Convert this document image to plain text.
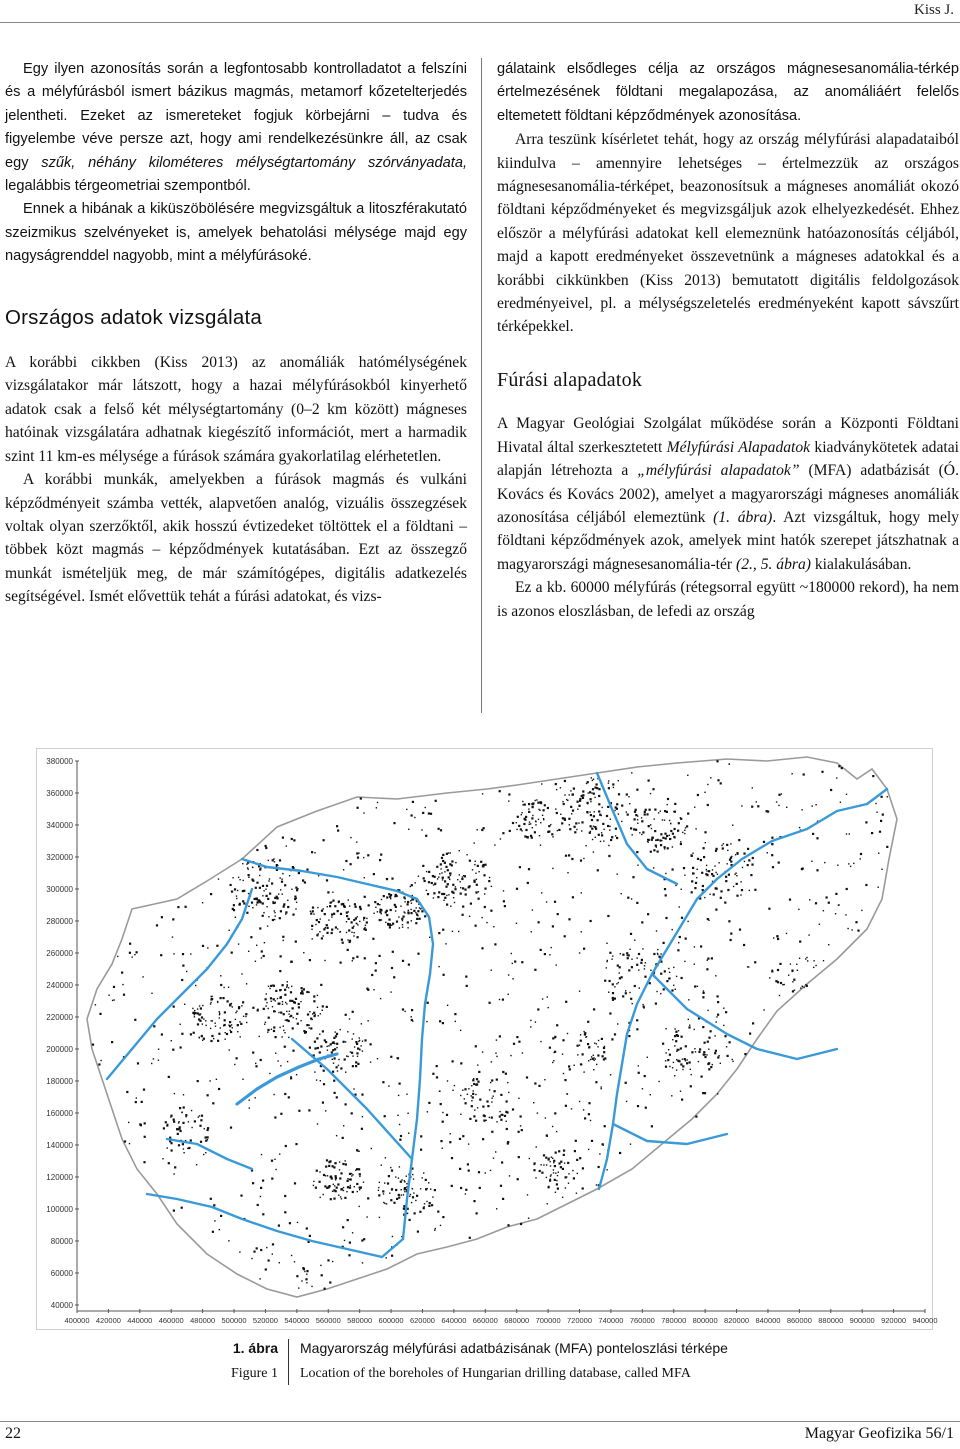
Kiss J.

Egy ilyen azonosítás során a legfontosabb kontrolladatot a felszíni és a mélyfúrásból ismert bázikus magmás, metamorf kőzetelterjedés jelentheti. Ezeket az ismereteket fogjuk körbejárni – tudva és figyelembe véve persze azt, hogy ami rendelkezésünkre áll, az csak egy szűk, néhány kilométeres mélységtartomány szórványadata, legalábbis térgeometriai szempontból.

Ennek a hibának a kiküszöbölésére megvizsgáltuk a litoszférakutató szeizmikus szelvényeket is, amelyek behatolási mélysége majd egy nagyságrenddel nagyobb, mint a mélyfúrásoké.

Országos adatok vizsgálata

A korábbi cikkben (Kiss 2013) az anomáliák hatómélységének vizsgálatakor már látszott, hogy a hazai mélyfúrásokból kinyerhető adatok csak a felső két mélységtartomány (0–2 km között) mágneses hatóinak vizsgálatára adhatnak kiegészítő információt, mert a harmadik szint 11 km-es mélysége a fúrások számára gyakorlatilag elérhetetlen.

A korábbi munkák, amelyekben a fúrások magmás és vulkáni képződményeit számba vették, alapvetően analóg, vizuális összegzések voltak olyan szerzőktől, akik hosszú évtizedeket töltöttek el a földtani – többek közt magmás – képződmények kutatásában. Ezt az összegző munkát ismételjük meg, de már számítógépes, digitális adatkezelés segítségével. Ismét elővettük tehát a fúrási adatokat, és vizs-

gálataink elsődleges célja az országos mágnesesanomália-térkép értelmezésének földtani megalapozása, az anomáliáért felelős eltemetett földtani képződmények azonosítása.

Arra teszünk kísérletet tehát, hogy az ország mélyfúrási alapadataiból kiindulva – amennyire lehetséges – értelmezzük az országos mágnesesanomália-térképet, beazonosítsuk a mágneses anomáliát okozó földtani képződményeket és megvizsgáljuk azok elhelyezkedését. Ehhez először a mélyfúrási adatokat kell elemeznünk hatóazonosítás céljából, majd a kapott eredményeket összevetnünk a mágneses adatokkal és a korábbi cikkünkben (Kiss 2013) bemutatott digitális feldolgozások eredményeivel, pl. a mélységszeletelés eredményeként kapott sávszűrt térképekkel.

Fúrási alapadatok

A Magyar Geológiai Szolgálat működése során a Központi Földtani Hivatal által szerkesztetett Mélyfúrási Alapadatok kiadványkötetek adatai alapján létrehozta a „mélyfúrási alapadatok” (MFA) adatbázisát (Ó. Kovács és Kovács 2002), amelyet a magyarországi mágneses anomáliák azonosítása céljából elemeztünk (1. ábra). Azt vizsgáltuk, hogy mely földtani képződmények azok, amelyek mint hatók szerepet játszhatnak a magyarországi mágnesesanomália-tér (2., 5. ábra) kialakulásában.

Ez a kb. 60000 mélyfúrás (rétegsorral együtt ~180000 rekord), ha nem is azonos eloszlásban, de lefedi az ország

380000
360000
340000
320000
300000
280000
260000
240000
220000
200000
180000
160000
140000
120000
100000
80000
60000
40000
400000 420000 440000 460000 480000 500000 520000 540000 560000 580000 600000 620000 640000 660000 680000 700000 720000 740000 760000 780000 800000 820000 840000 860000 880000 900000 920000 940000
1. ábra	Magyarország mélyfúrási adatbázisának (MFA) ponteloszlási térképe
Figure 1	Location of the boreholes of Hungarian drilling database, called MFA
22	Magyar Geofizika 56/1
